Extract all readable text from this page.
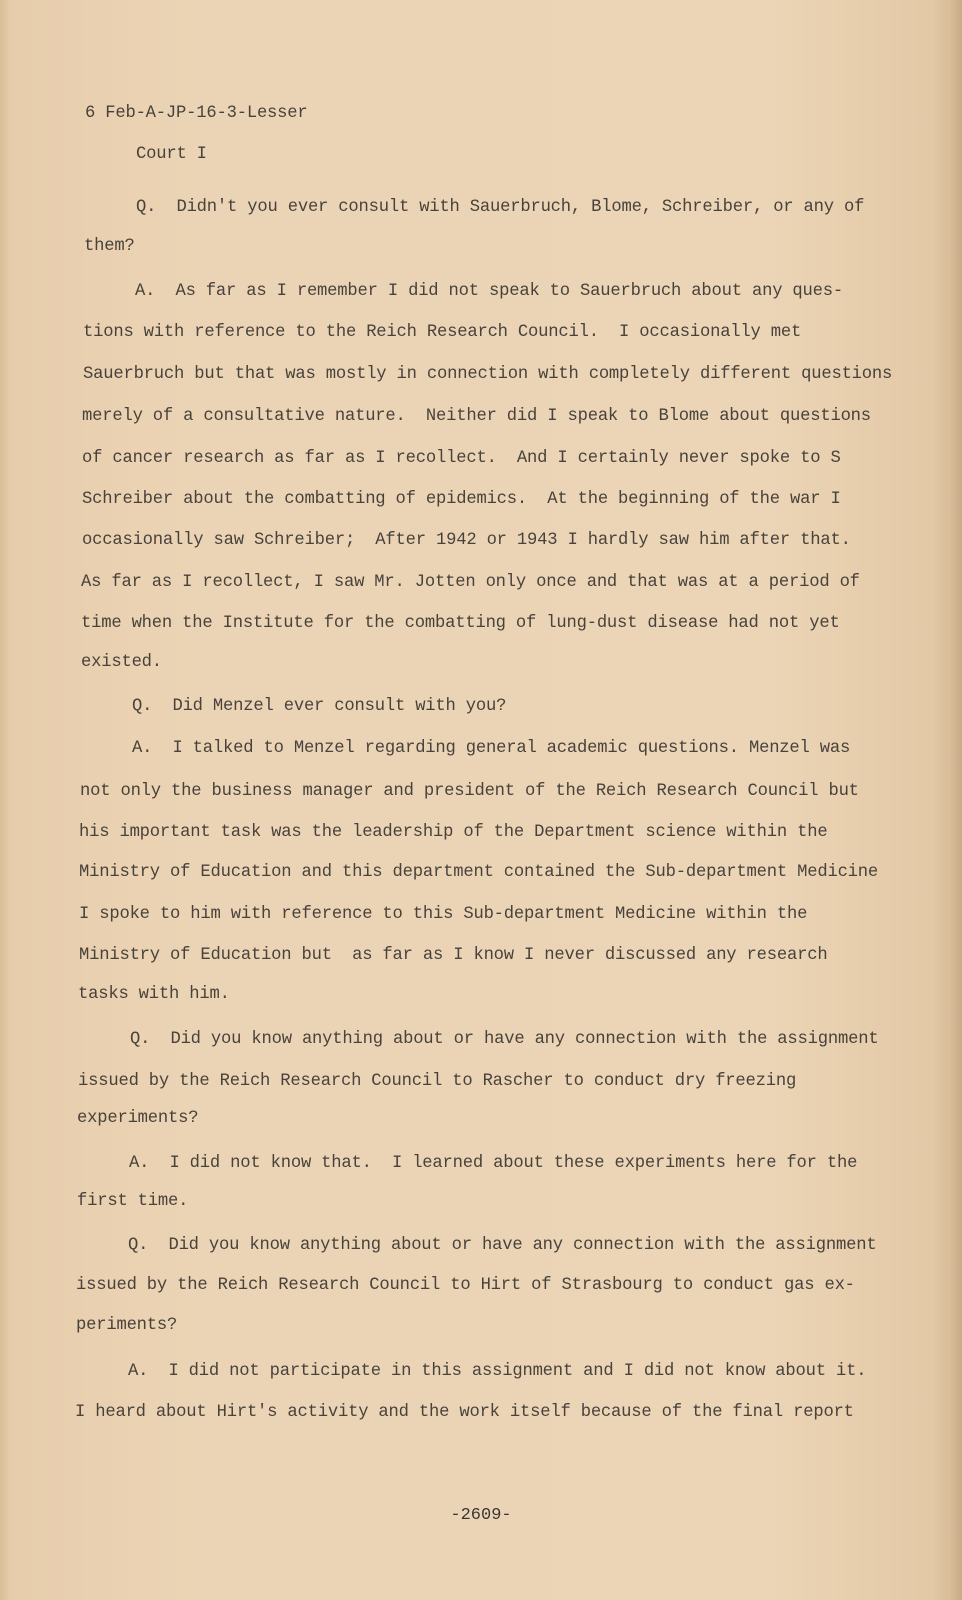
6 Feb-A-JP-16-3-Lesser
Court I
Q.  Didn't you ever consult with Sauerbruch, Blome, Schreiber, or any of
them?
A.  As far as I remember I did not speak to Sauerbruch about any ques-
tions with reference to the Reich Research Council.  I occasionally met
Sauerbruch but that was mostly in connection with completely different questions
merely of a consultative nature.  Neither did I speak to Blome about questions
of cancer research as far as I recollect.  And I certainly never spoke to S
Schreiber about the combatting of epidemics.  At the beginning of the war I
occasionally saw Schreiber;  After 1942 or 1943 I hardly saw him after that.
As far as I recollect, I saw Mr. Jotten only once and that was at a period of
time when the Institute for the combatting of lung-dust disease had not yet
existed.
Q.  Did Menzel ever consult with you?
A.  I talked to Menzel regarding general academic questions. Menzel was
not only the business manager and president of the Reich Research Council but
his important task was the leadership of the Department science within the
Ministry of Education and this department contained the Sub-department Medicine
I spoke to him with reference to this Sub-department Medicine within the
Ministry of Education but  as far as I know I never discussed any research
tasks with him.
Q.  Did you know anything about or have any connection with the assignment
issued by the Reich Research Council to Rascher to conduct dry freezing
experiments?
A.  I did not know that.  I learned about these experiments here for the
first time.
Q.  Did you know anything about or have any connection with the assignment
issued by the Reich Research Council to Hirt of Strasbourg to conduct gas ex-
periments?
A.  I did not participate in this assignment and I did not know about it.
I heard about Hirt's activity and the work itself because of the final report
-2609-
